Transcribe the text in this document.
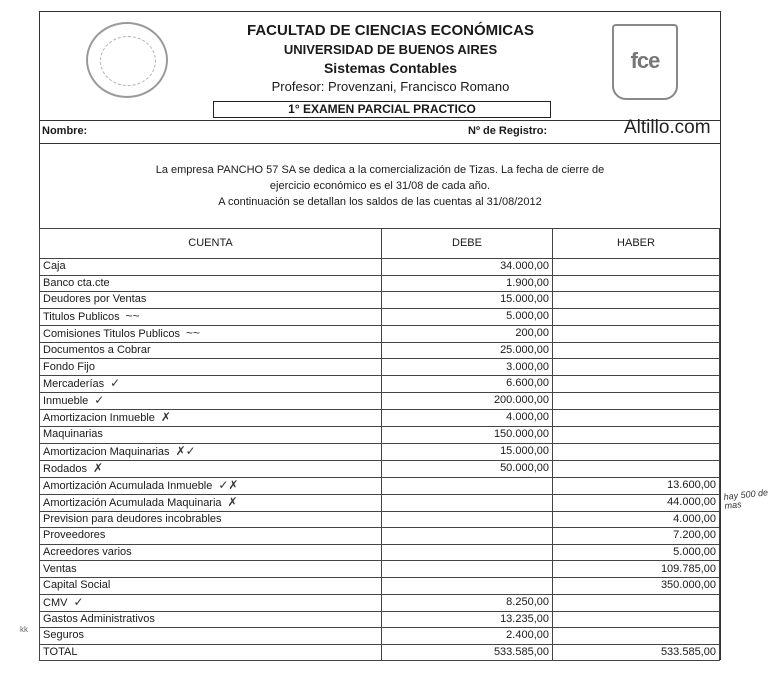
fce
FACULTAD DE CIENCIAS ECONÓMICAS
UNIVERSIDAD DE BUENOS AIRES
Sistemas Contables
Profesor: Provenzani, Francisco Romano
1° EXAMEN PARCIAL PRACTICO
Nombre:	Nº de Registro:	Altillo.com
La empresa PANCHO 57 SA se dedica a la comercialización de Tizas. La fecha de cierre de
ejercicio económico es el 31/08 de cada año.
A continuación se detallan los saldos de las cuentas al 31/08/2012
CUENTA	DEBE	HABER
Caja	34.000,00	
Banco cta.cte	1.900,00	
Deudores por Ventas	15.000,00	
Titulos Publicos ~~	5.000,00	
Comisiones Titulos Publicos ~~	200,00	
Documentos a Cobrar	25.000,00	
Fondo Fijo	3.000,00	
Mercaderías ✓	6.600,00	
Inmueble ✓	200.000,00	
Amortizacion Inmueble ✗	4.000,00	
Maquinarias	150.000,00	
Amortizacion Maquinarias ✗✓	15.000,00	
Rodados ✗	50.000,00	
Amortización Acumulada Inmueble ✓✗		13.600,00
Amortización Acumulada Maquinaria ✗		44.000,00
Prevision para deudores incobrables		4.000,00
Proveedores		7.200,00
Acreedores varios		5.000,00
Ventas		109.785,00
Capital Social		350.000,00
CMV ✓	8.250,00	
Gastos Administrativos	13.235,00	
Seguros	2.400,00	
TOTAL	533.585,00	533.585,00
hay 500 de mas
kk
